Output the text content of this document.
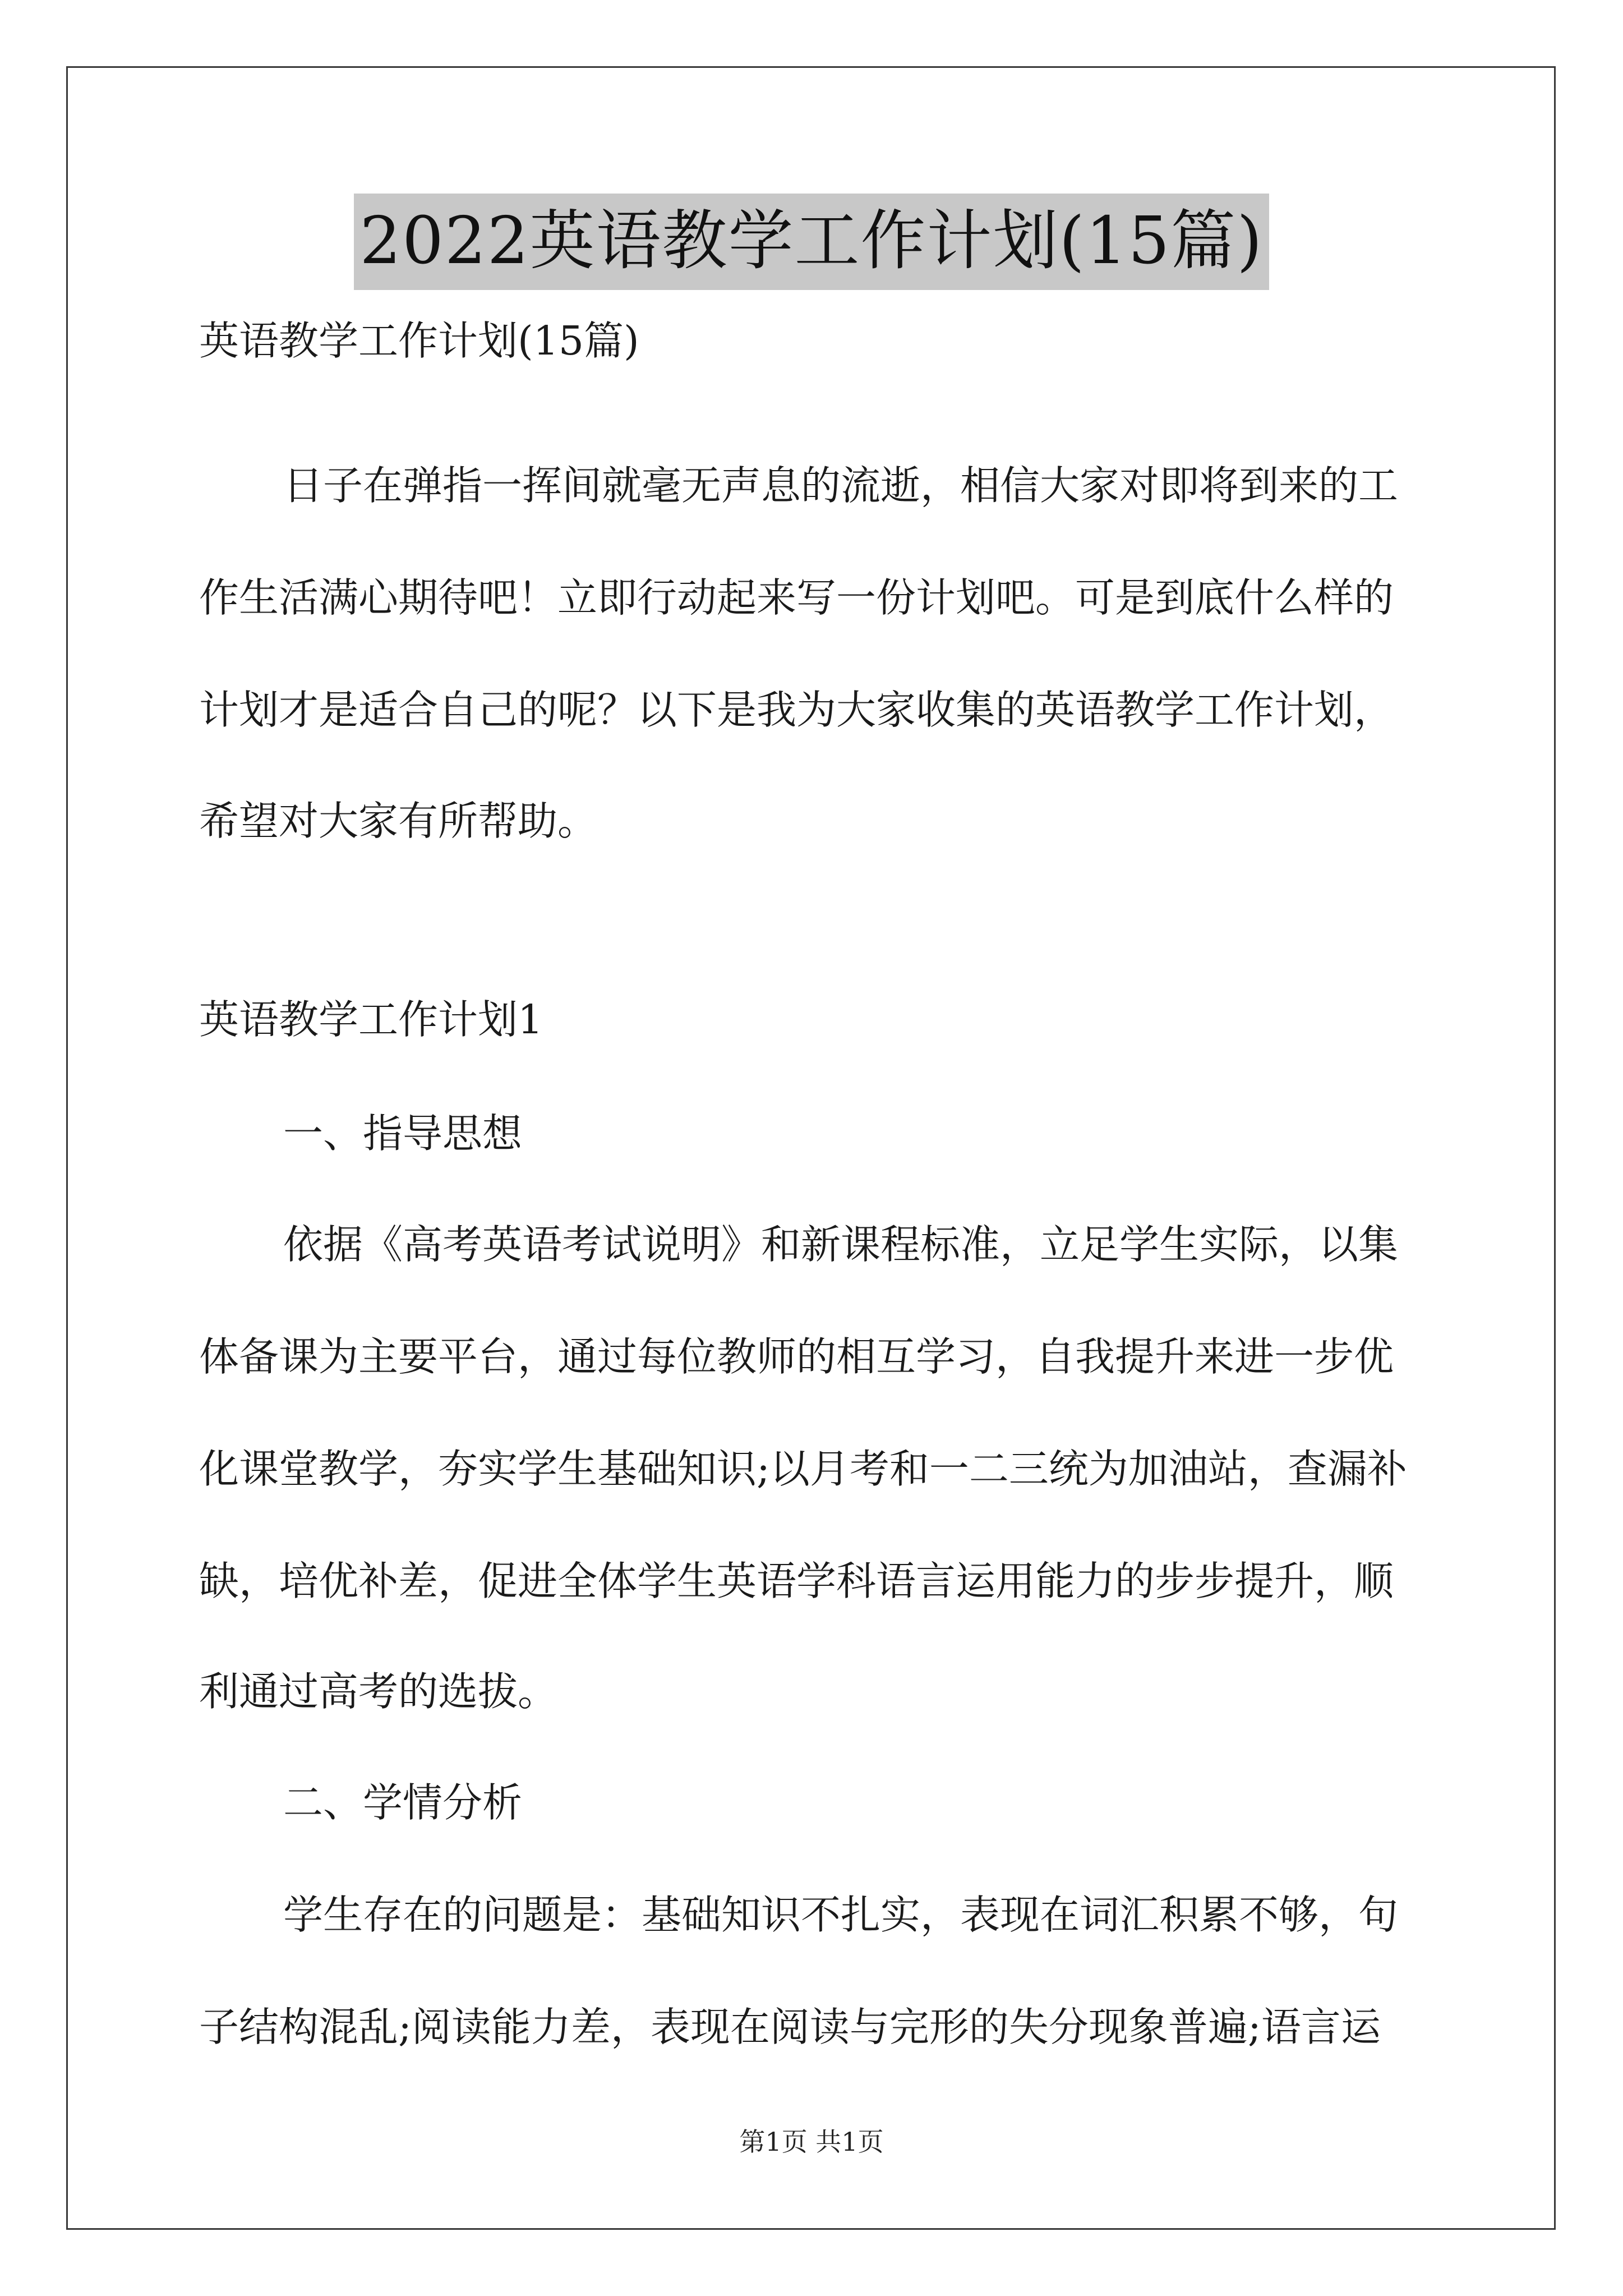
2022英语教学工作计划(15篇)
英语教学工作计划(15篇)
日子在弹指一挥间就毫无声息的流逝，相信大家对即将到来的工
作生活满心期待吧！立即行动起来写一份计划吧。可是到底什么样的
计划才是适合自己的呢？以下是我为大家收集的英语教学工作计划，
希望对大家有所帮助。
英语教学工作计划1
一、指导思想
依据《高考英语考试说明》和新课程标准，立足学生实际，以集
体备课为主要平台，通过每位教师的相互学习，自我提升来进一步优
化课堂教学，夯实学生基础知识;以月考和一二三统为加油站，查漏补
缺，培优补差，促进全体学生英语学科语言运用能力的步步提升，顺
利通过高考的选拔。
二、学情分析
学生存在的问题是：基础知识不扎实，表现在词汇积累不够，句
子结构混乱;阅读能力差，表现在阅读与完形的失分现象普遍;语言运
第1页 共1页
